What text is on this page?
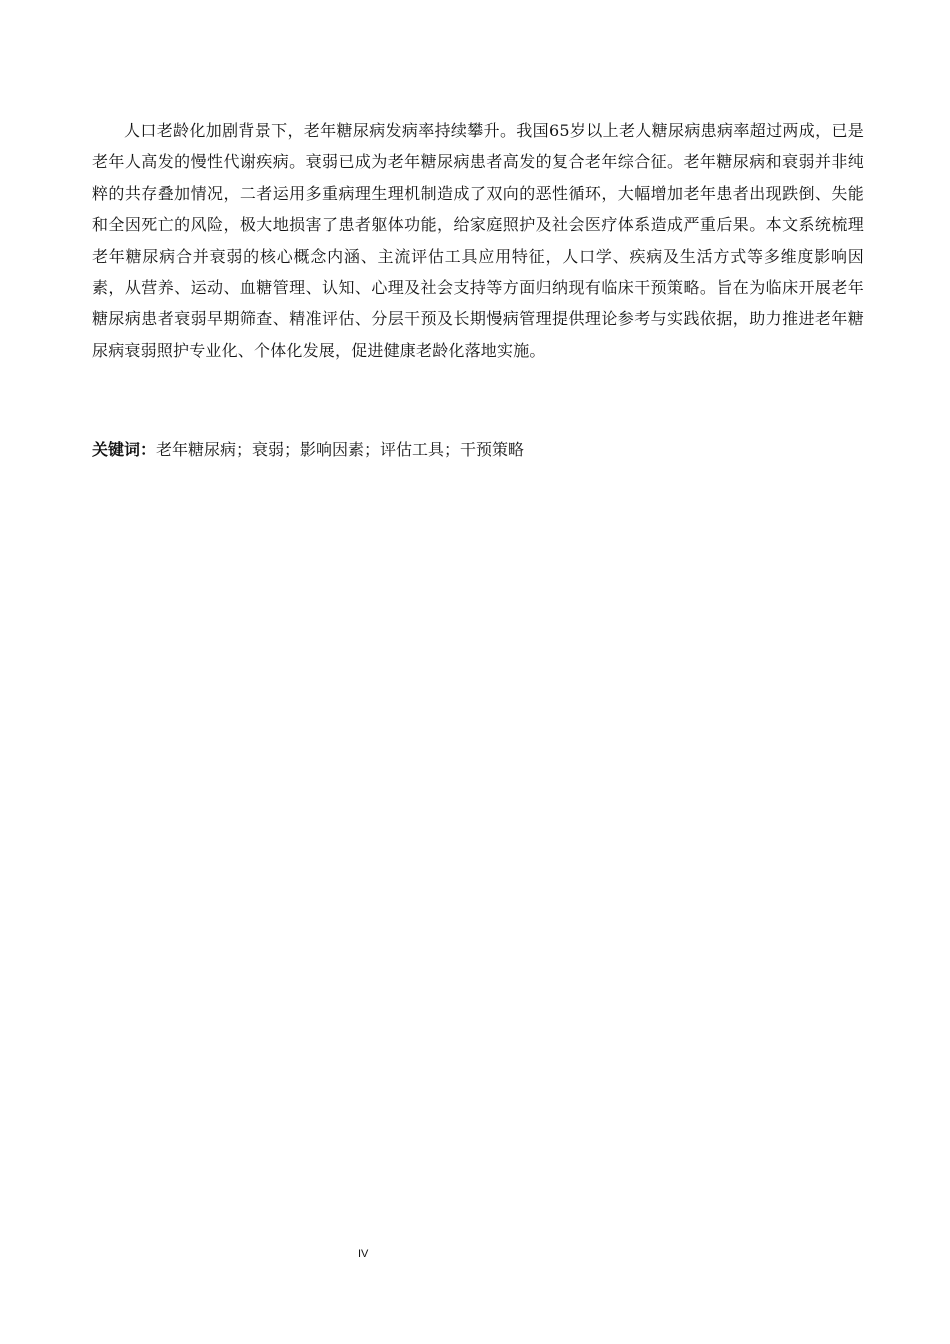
人口老龄化加剧背景下，老年糖尿病发病率持续攀升。我国65岁以上老人糖尿病患病率超过两成，已是老年人高发的慢性代谢疾病。衰弱已成为老年糖尿病患者高发的复合老年综合征。老年糖尿病和衰弱并非纯粹的共存叠加情况，二者运用多重病理生理机制造成了双向的恶性循环，大幅增加老年患者出现跌倒、失能和全因死亡的风险，极大地损害了患者躯体功能，给家庭照护及社会医疗体系造成严重后果。本文系统梳理老年糖尿病合并衰弱的核心概念内涵、主流评估工具应用特征，人口学、疾病及生活方式等多维度影响因素，从营养、运动、血糖管理、认知、心理及社会支持等方面归纳现有临床干预策略。旨在为临床开展老年糖尿病患者衰弱早期筛查、精准评估、分层干预及长期慢病管理提供理论参考与实践依据，助力推进老年糖尿病衰弱照护专业化、个体化发展，促进健康老龄化落地实施。

关键词：老年糖尿病；衰弱；影响因素；评估工具；干预策略

IV
